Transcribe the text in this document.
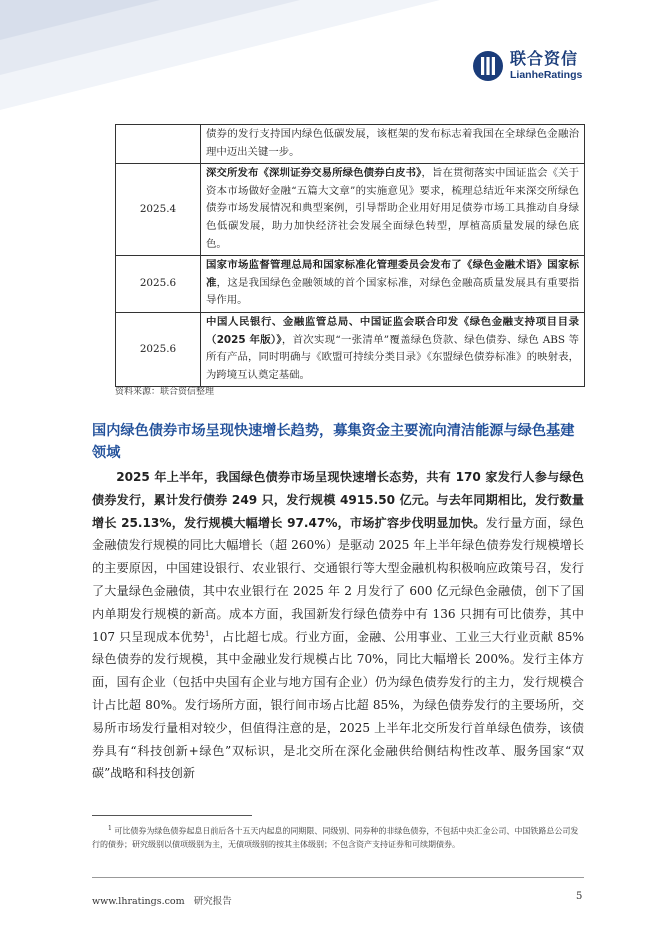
联合资信
LianheRatings
	债券的发行支持国内绿色低碳发展，该框架的发布标志着我国在全球绿色金融治理中迈出关键一步。
2025.4	深交所发布《深圳证券交易所绿色债券白皮书》，旨在贯彻落实中国证监会《关于资本市场做好金融“五篇大文章”的实施意见》要求，梳理总结近年来深交所绿色债券市场发展情况和典型案例，引导帮助企业用好用足债券市场工具推动自身绿色低碳发展，助力加快经济社会发展全面绿色转型，厚植高质量发展的绿色底色。
2025.6	国家市场监督管理总局和国家标准化管理委员会发布了《绿色金融术语》国家标准，这是我国绿色金融领域的首个国家标准，对绿色金融高质量发展具有重要指导作用。
2025.6	中国人民银行、金融监管总局、中国证监会联合印发《绿色金融支持项目目录（2025 年版）》，首次实现“一张清单”覆盖绿色贷款、绿色债券、绿色 ABS 等所有产品，同时明确与《欧盟可持续分类目录》《东盟绿色债券标准》的映射表，为跨境互认奠定基础。
资料来源：联合资信整理
国内绿色债券市场呈现快速增长趋势，募集资金主要流向清洁能源与绿色基建领域

2025 年上半年，我国绿色债券市场呈现快速增长态势，共有 170 家发行人参与绿色债券发行，累计发行债券 249 只，发行规模 4915.50 亿元。与去年同期相比，发行数量增长 25.13%，发行规模大幅增长 97.47%，市场扩容步伐明显加快。发行量方面，绿色金融债发行规模的同比大幅增长（超 260%）是驱动 2025 年上半年绿色债券发行规模增长的主要原因，中国建设银行、农业银行、交通银行等大型金融机构积极响应政策号召，发行了大量绿色金融债，其中农业银行在 2025 年 2 月发行了 600 亿元绿色金融债，创下了国内单期发行规模的新高。成本方面，我国新发行绿色债券中有 136 只拥有可比债券，其中 107 只呈现成本优势$^1$，占比超七成。行业方面，金融、公用事业、工业三大行业贡献 85%绿色债券的发行规模，其中金融业发行规模占比 70%，同比大幅增长 200%。发行主体方面，国有企业（包括中央国有企业与地方国有企业）仍为绿色债券发行的主力，发行规模合计占比超 80%。发行场所方面，银行间市场占比超 85%，为绿色债券发行的主要场所，交易所市场发行量相对较少，但值得注意的是，2025 上半年北交所发行首单绿色债券，该债券具有“科技创新+绿色”双标识，是北交所在深化金融供给侧结构性改革、服务国家“双碳”战略和科技创新

$^1$ 可比债券为绿色债券起息日前后各十五天内起息的同期限、同级别、同券种的非绿色债券，不包括中央汇金公司、中国铁路总公司发行的债券；研究级别以债项级别为主，无债项级别的按其主体级别；不包含资产支持证券和可续期债券。
www.lhratings.com 研究报告	5
